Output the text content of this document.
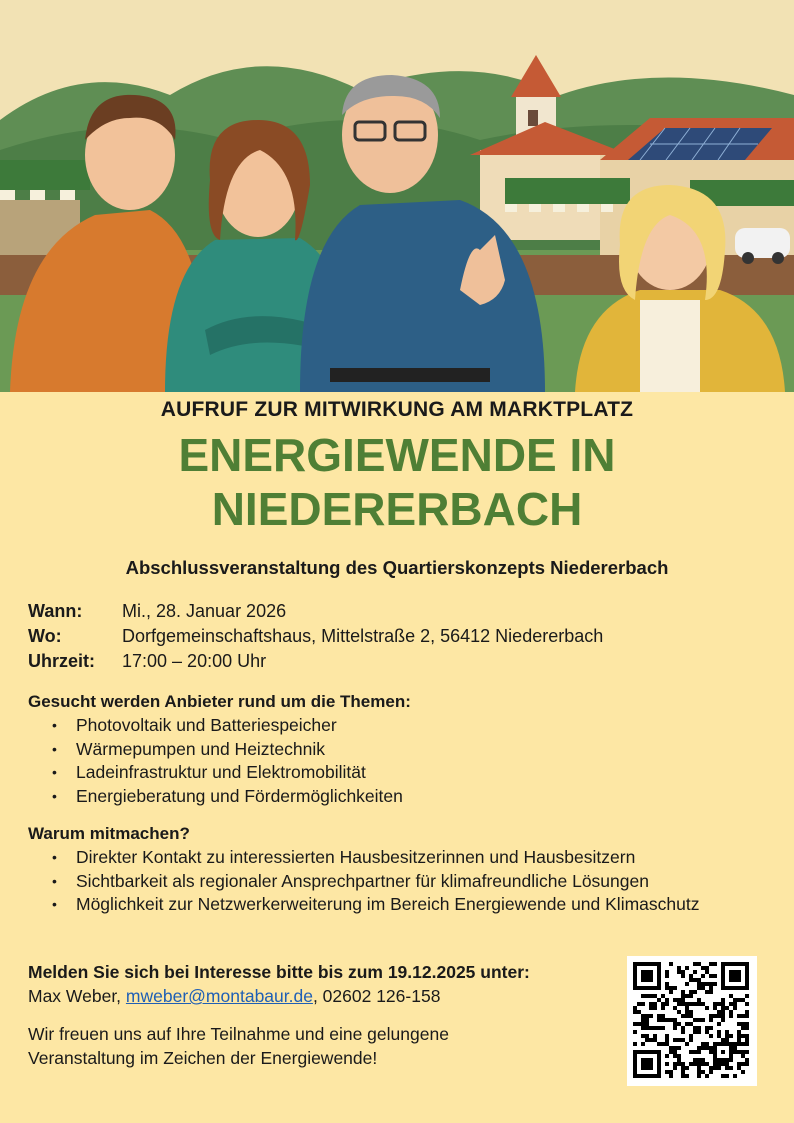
AUFRUF ZUR MITWIRKUNG AM MARKTPLATZ
ENERGIEWENDE IN
NIEDERERBACH
Abschlussveranstaltung des Quartierskonzepts Niedererbach
Wann:	Mi., 28. Januar 2026
Wo:	Dorfgemeinschaftshaus, Mittelstraße 2, 56412 Niedererbach
Uhrzeit:	17:00 – 20:00 Uhr
Gesucht werden Anbieter rund um die Themen:
• Photovoltaik und Batteriespeicher
• Wärmepumpen und Heiztechnik
• Ladeinfrastruktur und Elektromobilität
• Energieberatung und Fördermöglichkeiten
Warum mitmachen?
• Direkter Kontakt zu interessierten Hausbesitzerinnen und Hausbesitzern
• Sichtbarkeit als regionaler Ansprechpartner für klimafreundliche Lösungen
• Möglichkeit zur Netzwerkerweiterung im Bereich Energiewende und Klimaschutz
Melden Sie sich bei Interesse bitte bis zum 19.12.2025 unter:
Max Weber, mweber@montabaur.de, 02602 126-158
Wir freuen uns auf Ihre Teilnahme und eine gelungene
Veranstaltung im Zeichen der Energiewende!
